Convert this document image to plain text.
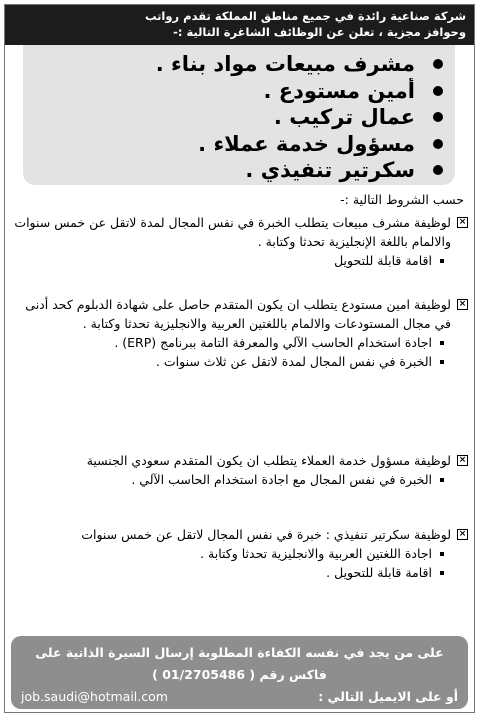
شركة صناعية رائدة في جميع مناطق المملكة تقدم رواتب
وحوافز مجزية ، تعلن عن الوظائف الشاغرة التالية :-
مشرف مبيعات مواد بناء .
أمين مستودع .
عمال تركيب .
مسؤول خدمة عملاء .
سكرتير تنفيذي .
حسب الشروط التالية :-
×
لوظيفة مشرف مبيعات يتطلب الخبرة في نفس المجال لمدة لاتقل عن خمس سنوات والالمام باللغة الإنجليزية تحدثا وكتابة .
اقامة قابلة للتحويل
×
لوظيفة امين مستودع يتطلب ان يكون المتقدم حاصل على شهادة الدبلوم كحد أدنى في مجال المستودعات والالمام باللغتين العربية والانجليزية تحدثا وكتابة .
اجادة استخدام الحاسب الآلي والمعرفة التامة ببرنامج (ERP) .
الخبرة في نفس المجال لمدة لاتقل عن ثلاث سنوات .
×
لوظيفة مسؤول خدمة العملاء يتطلب ان يكون المتقدم سعودي الجنسية
الخبرة في نفس المجال مع اجادة استخدام الحاسب الآلي .
×
لوظيفة سكرتير تنفيذي : خبرة في نفس المجال لاتقل عن خمس سنوات
اجادة اللغتين العربية والانجليزية تحدثا وكتابة .
اقامة قابلة للتحويل .
على من يجد في نفسه الكفاءة المطلوبة إرسال السيرة الذاتية على
فاكس رقم ( 01/2705486 )
أو على الايميل التالي :
job.saudi@hotmail.com
